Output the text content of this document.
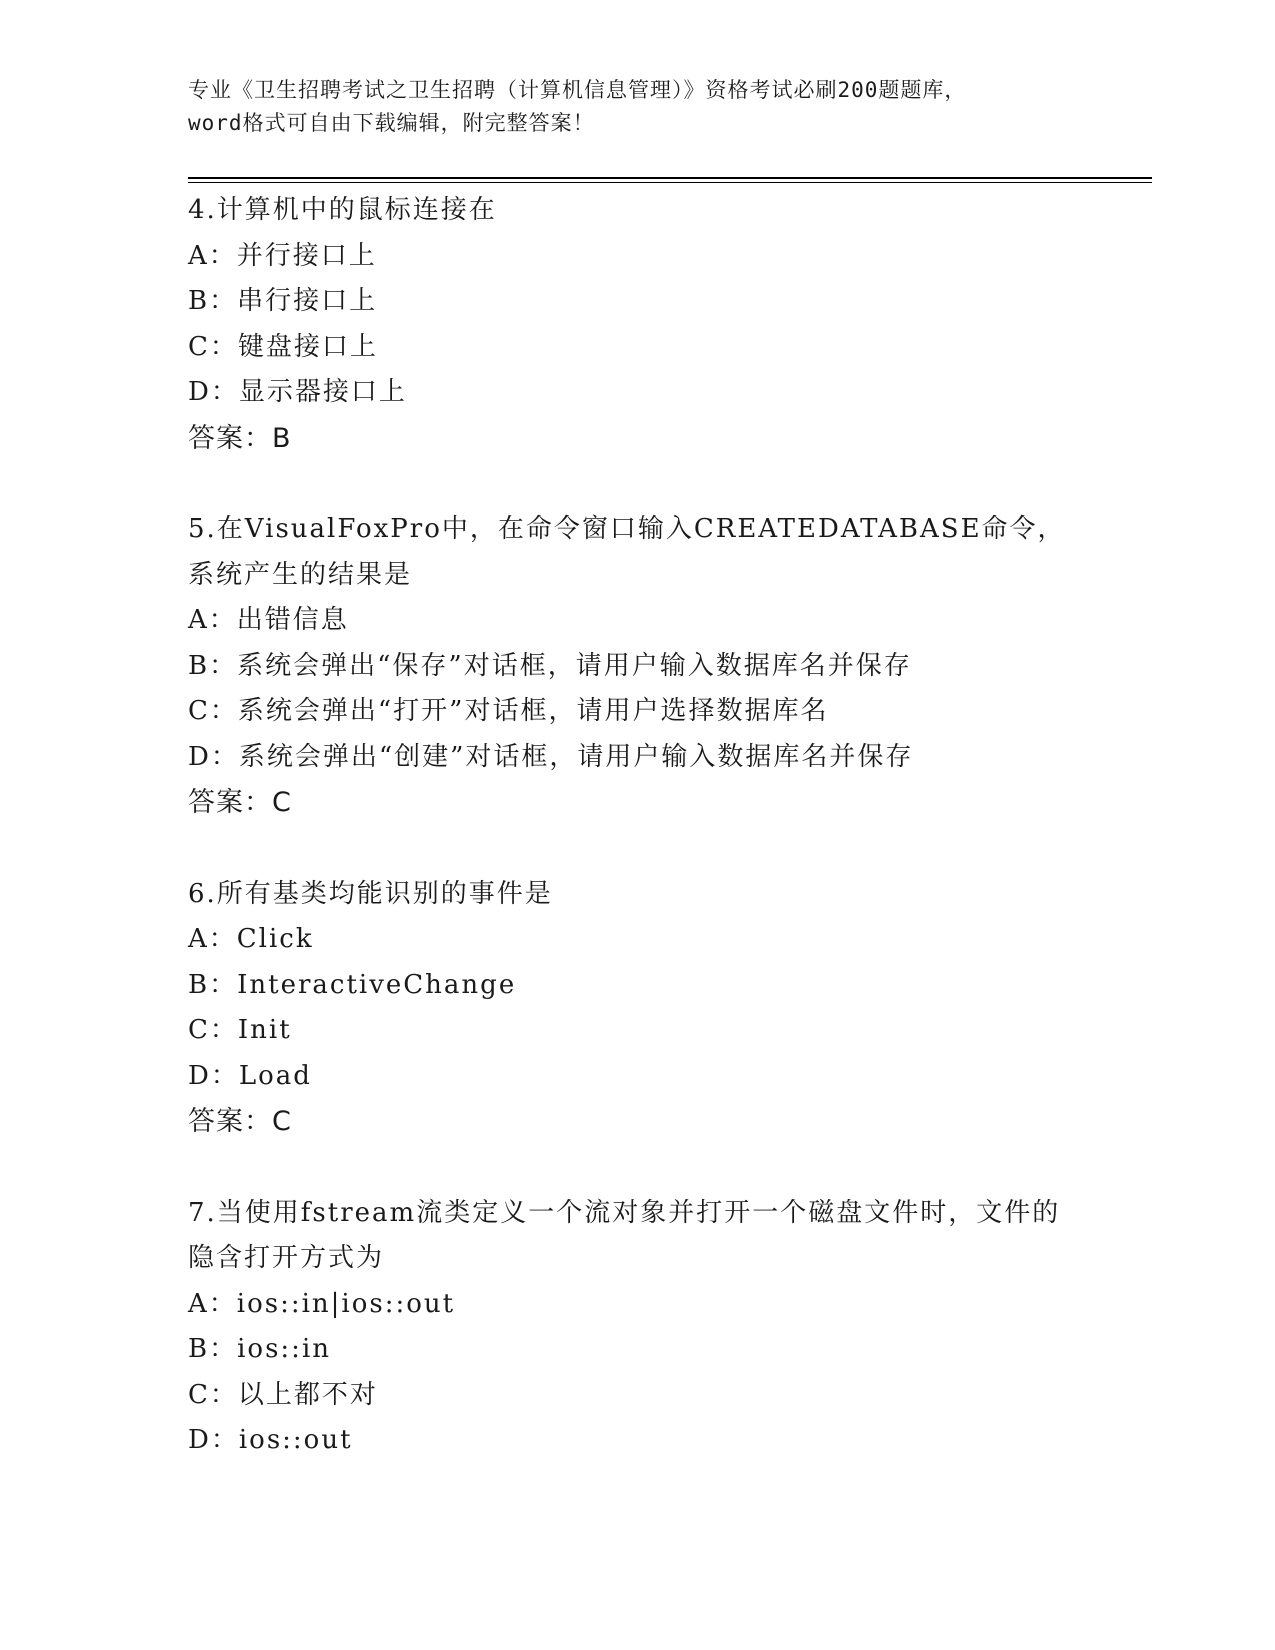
专业《卫生招聘考试之卫生招聘（计算机信息管理）》资格考试必刷200题题库，
word格式可自由下载编辑，附完整答案！
4.计算机中的鼠标连接在
A：并行接口上
B：串行接口上
C：键盘接口上
D：显示器接口上
答案：B
5.在VisualFoxPro中，在命令窗口输入CREATEDATABASE命令，系统产生的结果是
A：出错信息
B：系统会弹出“保存”对话框，请用户输入数据库名并保存
C：系统会弹出“打开”对话框，请用户选择数据库名
D：系统会弹出“创建”对话框，请用户输入数据库名并保存
答案：C
6.所有基类均能识别的事件是
A：Click
B：InteractiveChange
C：Init
D：Load
答案：C
7.当使用fstream流类定义一个流对象并打开一个磁盘文件时，文件的隐含打开方式为
A：ios::in|ios::out
B：ios::in
C：以上都不对
D：ios::out
